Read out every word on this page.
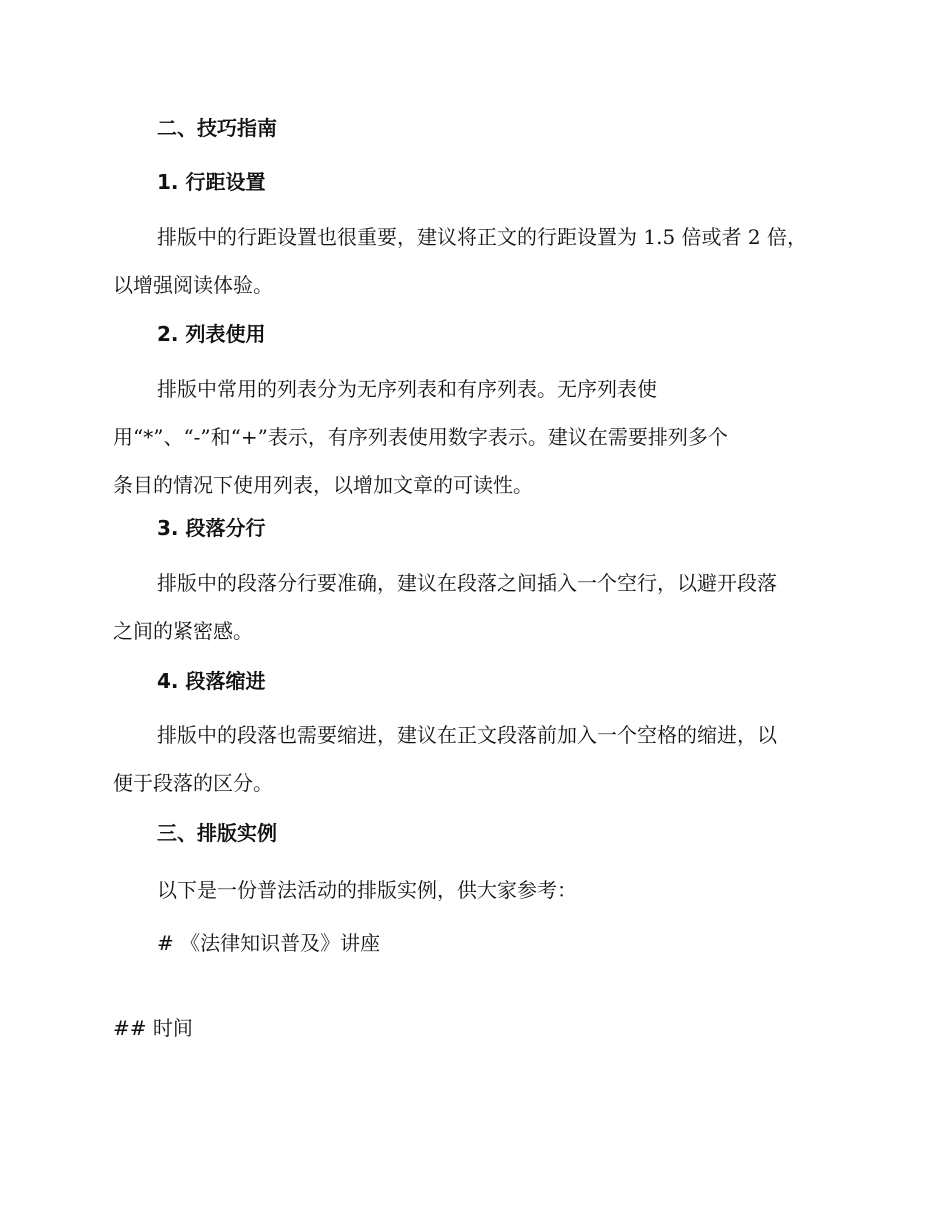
二、技巧指南
1. 行距设置
排版中的行距设置也很重要，建议将正文的行距设置为 1.5 倍或者 2 倍，
以增强阅读体验。
2. 列表使用
排版中常用的列表分为无序列表和有序列表。无序列表使
用“*”、“-”和“+”表示，有序列表使用数字表示。建议在需要排列多个
条目的情况下使用列表，以增加文章的可读性。
3. 段落分行
排版中的段落分行要准确，建议在段落之间插入一个空行，以避开段落
之间的紧密感。
4. 段落缩进
排版中的段落也需要缩进，建议在正文段落前加入一个空格的缩进，以
便于段落的区分。
三、排版实例
以下是一份普法活动的排版实例，供大家参考：
# 《法律知识普及》讲座
## 时间
